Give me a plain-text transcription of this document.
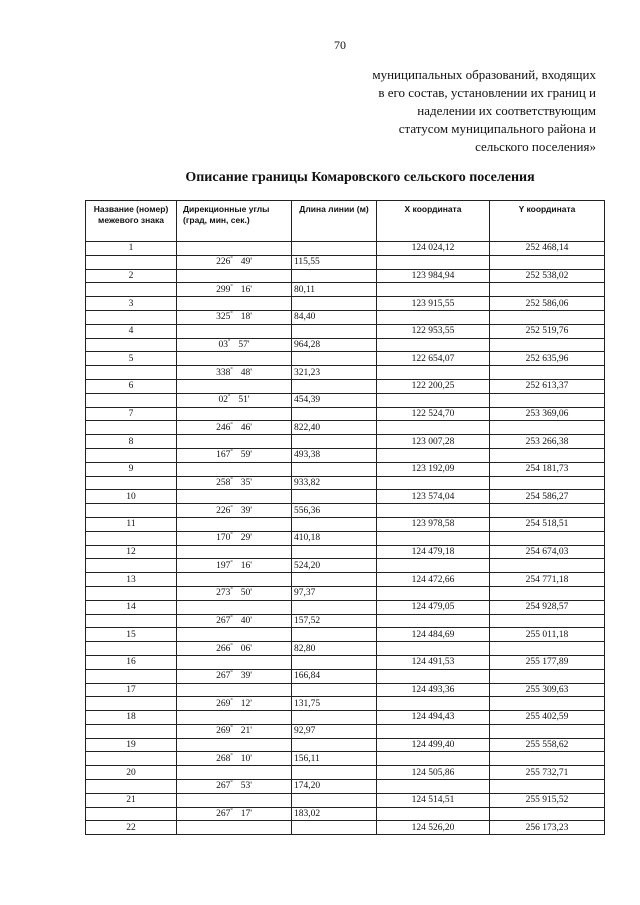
70
муниципальных образований, входящих
в его состав, установлении их границ и
наделении их соответствующим
статусом муниципального района и
сельского поселения»
Описание границы Комаровского сельского поселения
Название (номер) межевого знака	Дирекционные углы (град, мин, сек.)	Длина линии (м)	X координата	Y координата
1			124 024,12	252 468,14
	226° 49'	115,55		
2			123 984,94	252 538,02
	299° 16'	80,11		
3			123 915,55	252 586,06
	325° 18'	84,40		
4			122 953,55	252 519,76
	03° 57'	964,28		
5			122 654,07	252 635,96
	338° 48'	321,23		
6			122 200,25	252 613,37
	02° 51'	454,39		
7			122 524,70	253 369,06
	246° 46'	822,40		
8			123 007,28	253 266,38
	167° 59'	493,38		
9			123 192,09	254 181,73
	258° 35'	933,82		
10			123 574,04	254 586,27
	226° 39'	556,36		
11			123 978,58	254 518,51
	170° 29'	410,18		
12			124 479,18	254 674,03
	197° 16'	524,20		
13			124 472,66	254 771,18
	273° 50'	97,37		
14			124 479,05	254 928,57
	267° 40'	157,52		
15			124 484,69	255 011,18
	266° 06'	82,80		
16			124 491,53	255 177,89
	267° 39'	166,84		
17			124 493,36	255 309,63
	269° 12'	131,75		
18			124 494,43	255 402,59
	269° 21'	92,97		
19			124 499,40	255 558,62
	268° 10'	156,11		
20			124 505,86	255 732,71
	267° 53'	174,20		
21			124 514,51	255 915,52
	267° 17'	183,02		
22			124 526,20	256 173,23
